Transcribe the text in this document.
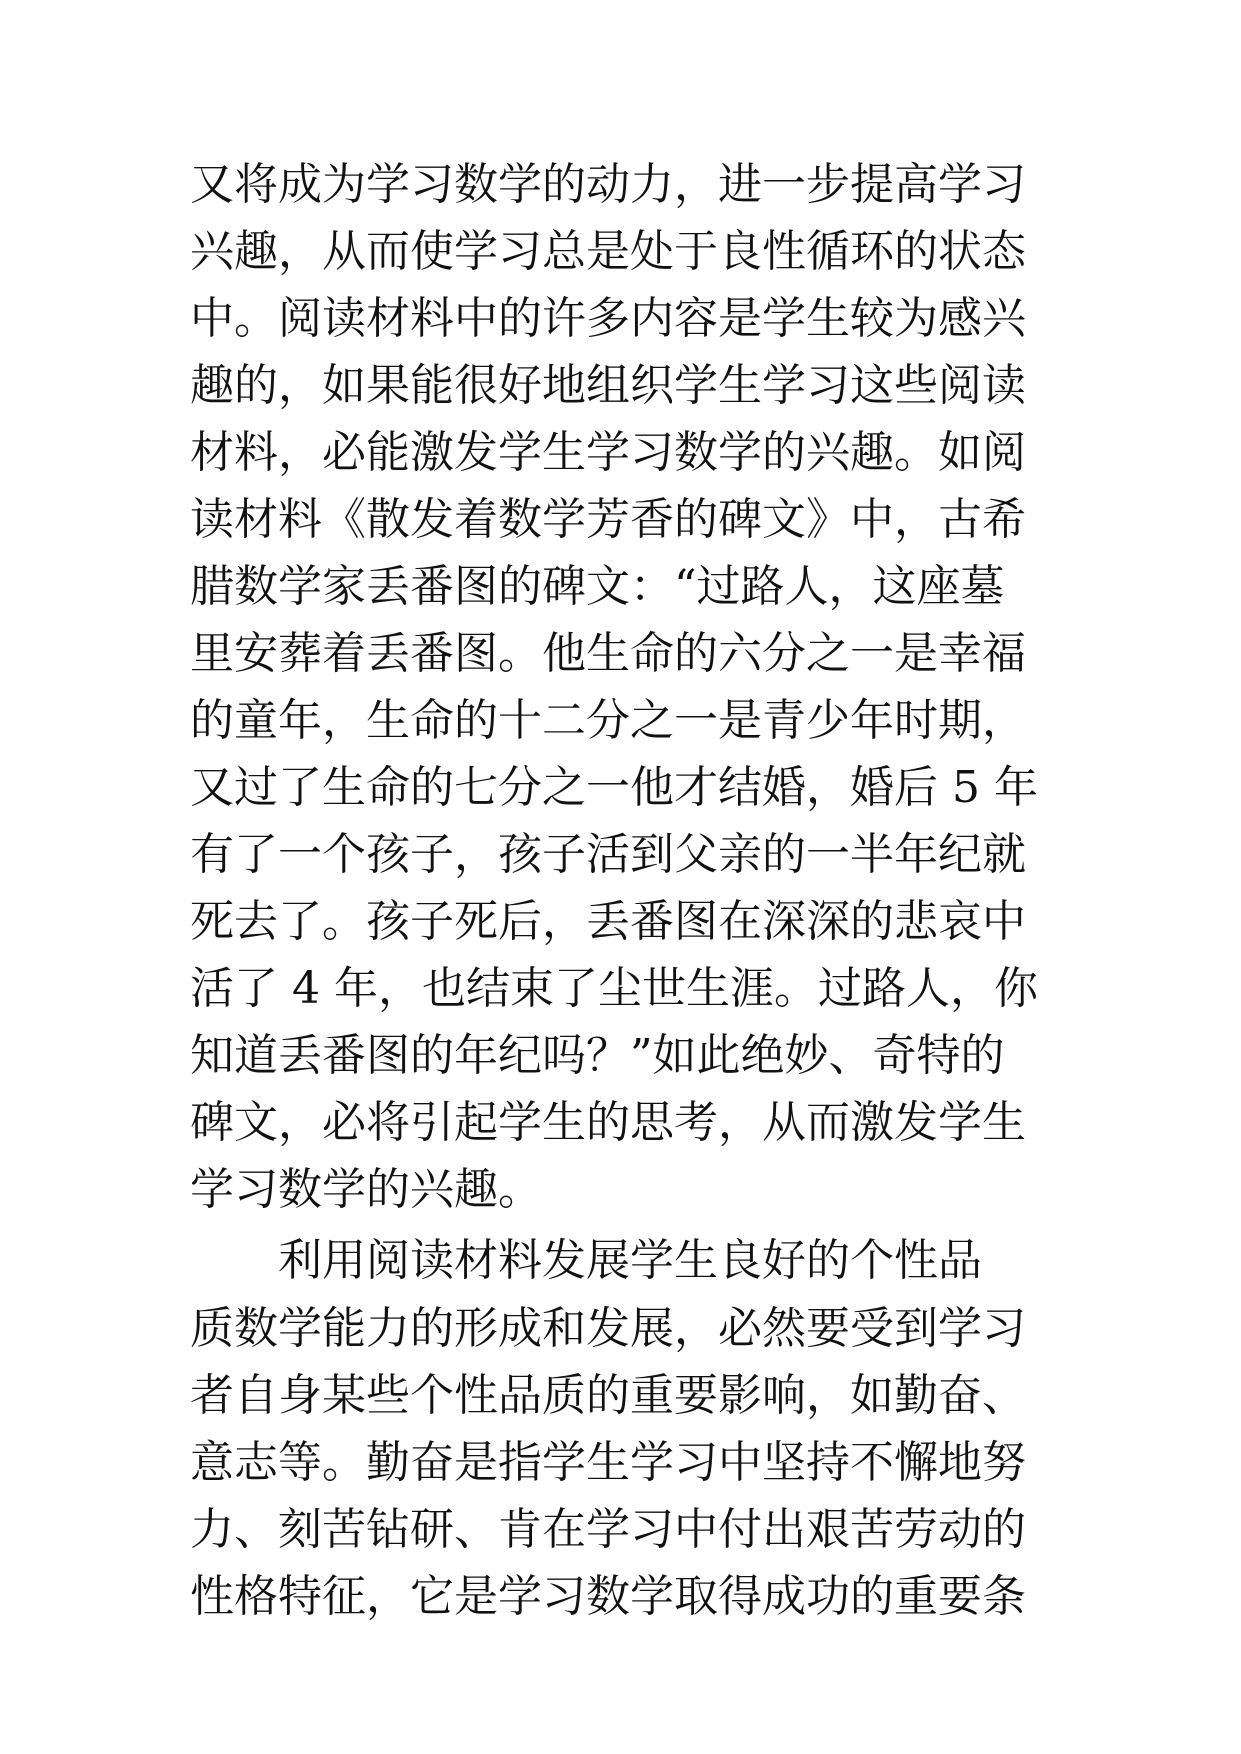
又将成为学习数学的动力，进一步提高学习
兴趣，从而使学习总是处于良性循环的状态
中。阅读材料中的许多内容是学生较为感兴
趣的，如果能很好地组织学生学习这些阅读
材料，必能激发学生学习数学的兴趣。如阅
读材料《散发着数学芳香的碑文》中，古希
腊数学家丢番图的碑文：“过路人，这座墓
里安葬着丢番图。他生命的六分之一是幸福
的童年，生命的十二分之一是青少年时期，
又过了生命的七分之一他才结婚，婚后 5 年
有了一个孩子，孩子活到父亲的一半年纪就
死去了。孩子死后，丢番图在深深的悲哀中
活了 4 年，也结束了尘世生涯。过路人，你
知道丢番图的年纪吗？”如此绝妙、奇特的
碑文，必将引起学生的思考，从而激发学生
学习数学的兴趣。
利用阅读材料发展学生良好的个性品
质数学能力的形成和发展，必然要受到学习
者自身某些个性品质的重要影响，如勤奋、
意志等。勤奋是指学生学习中坚持不懈地努
力、刻苦钻研、肯在学习中付出艰苦劳动的
性格特征，它是学习数学取得成功的重要条
